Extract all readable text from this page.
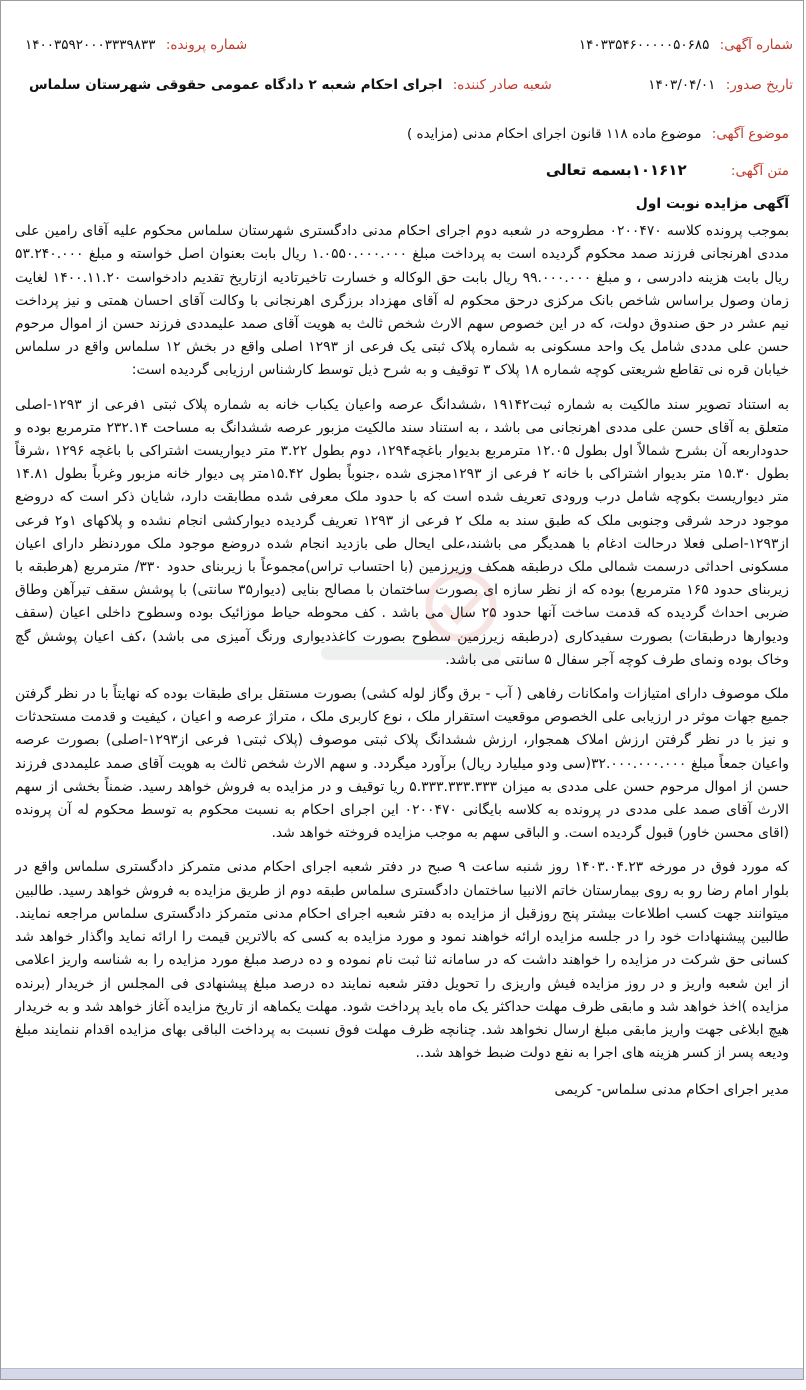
شماره آگهی: ۱۴۰۳۳۵۴۶۰۰۰۰۰۵۰۶۸۵
شماره پرونده: ۱۴۰۰۳۵۹۲۰۰۰۳۳۳۹۸۳۳
تاریخ صدور: ۱۴۰۳/۰۴/۰۱
شعبه صادر کننده: اجرای احکام شعبه ۲ دادگاه عمومی حقوقی شهرستان سلماس
موضوع آگهی: موضوع ماده ۱۱۸ قانون اجرای احکام مدنی (مزایده )
متن آگهی: ۱۰۱۶۱۲بسمه تعالی

آگهی مزایده نوبت اول

بموجب پرونده کلاسه ۰۲۰۰۴۷۰ مطروحه در شعبه دوم اجرای احکام مدنی دادگستری شهرستان سلماس محکوم علیه آقای رامین علی مددی اهرنجانی فرزند صمد محکوم گردیده است به پرداخت مبلغ ۱.۰۵۵۰.۰۰۰.۰۰۰ ریال بابت بعنوان اصل خواسته و مبلغ ۵۳.۲۴۰.۰۰۰ ریال بابت هزینه دادرسی ، و مبلغ ۹۹.۰۰۰.۰۰۰ ریال بابت حق الوکاله و خسارت تاخیرتادیه ازتاریخ تقدیم دادخواست ۱۴۰۰.۱۱.۲۰ لغایت زمان وصول براساس شاخص بانک مرکزی درحق محکوم له آقای مهزداد برزگری اهرنجانی با وکالت آقای احسان همتی و نیز پرداخت نیم عشر در حق صندوق دولت، که در این خصوص سهم الارث شخص ثالث به هویت آقای صمد علیمددی فرزند حسن از اموال مرحوم حسن علی مددی شامل یک واحد مسکونی به شماره پلاک ثبتی یک فرعی از ۱۲۹۳ اصلی واقع در بخش ۱۲ سلماس واقع در سلماس خیابان قره نی تقاطع شریعتی کوچه شماره ۱۸ پلاک ۳ توقیف و به شرح ذیل توسط کارشناس ارزیابی گردیده است:

به استناد تصویر سند مالکیت به شماره ثبت۱۹۱۴۲ ،ششدانگ عرصه واعیان یکباب خانه به شماره پلاک ثبتی ۱فرعی از ۱۲۹۳-اصلی متعلق به آقای حسن علی مددی اهرنجانی می باشد ، به استناد سند مالکیت مزبور عرصه ششدانگ به مساحت ۲۳۲.۱۴ مترمربع بوده و حدوداربعه آن بشرح شمالاً اول بطول ۱۲.۰۵ مترمربع بدیوار باغچه۱۲۹۴، دوم بطول ۳.۲۲ متر دیواریست اشتراکی با باغچه ۱۲۹۶ ،شرقاً بطول ۱۵.۳۰ متر بدیوار اشتراکی با خانه ۲ فرعی از ۱۲۹۳مجزی شده ،جنوباً بطول ۱۵.۴۲متر پی دیوار خانه مزبور وغرباً بطول ۱۴.۸۱ متر دیواریست بکوچه شامل درب ورودی تعریف شده است که با حدود ملک معرفی شده مطابقت دارد، شایان ذکر است که دروضع موجود درحد شرقی وجنوبی ملک که طبق سند به ملک ۲ فرعی از ۱۲۹۳ تعریف گردیده دیوارکشی انجام نشده و پلاکهای ۱و۲ فرعی از۱۲۹۳-اصلی فعلا درحالت ادغام با همدیگر می باشند،علی ایحال طی بازدید انجام شده دروضع موجود ملک موردنظر دارای اعیان مسکونی احداثی درسمت شمالی ملک درطبقه همکف وزیرزمین (با احتساب تراس)مجموعاً با زیربنای حدود ۳۳۰/ مترمربع (هرطبقه با زیربنای حدود ۱۶۵ مترمربع) بوده که از نظر سازه ای بصورت ساختمان با مصالح بنایی (دیوار۳۵ سانتی) با پوشش سقف تیرآهن وطاق ضربی احداث گردیده که قدمت ساخت آنها حدود ۲۵ سال می باشد . کف محوطه حیاط موزائیک بوده وسطوح داخلی اعیان (سقف ودیوارها درطبقات) بصورت سفیدکاری (درطبقه زیرزمین سطوح بصورت کاغذدیواری ورنگ آمیزی می باشد) ،کف اعیان پوشش گچ وخاک بوده ونمای طرف کوچه آجر سفال ۵ سانتی می باشد.

ملک موصوف دارای امتیازات وامکانات رفاهی ( آب - برق وگاز لوله کشی) بصورت مستقل برای طبقات بوده که نهایتاً با در نظر گرفتن جمیع جهات موثر در ارزیابی علی الخصوص موقعیت استقرار ملک ، نوع کاربری ملک ، متراژ عرصه و اعیان ، کیفیت و قدمت مستحدثات و نیز با در نظر گرفتن ارزش املاک همجوار، ارزش ششدانگ پلاک ثبتی موصوف (پلاک ثبتی۱ فرعی از۱۲۹۳-اصلی) بصورت عرصه واعیان جمعاً مبلغ ۳۲.۰۰۰.۰۰۰.۰۰۰(سی ودو میلیارد ریال) برآورد میگردد. و سهم الارث شخص ثالث به هویت آقای صمد علیمددی فرزند حسن از اموال مرحوم حسن علی مددی به میزان ۵.۳۳۳.۳۳۳.۳۳۳ ریا توقیف و در مزایده به فروش خواهد رسید. ضمناً بخشی از سهم الارث آقای صمد علی مددی در پرونده به کلاسه بایگانی ۰۲۰۰۴۷۰ این اجرای احکام به نسبت محکوم به توسط محکوم له آن پرونده (اقای محسن خاور) قبول گردیده است. و الباقی سهم به موجب مزایده فروخته خواهد شد.

که مورد فوق در مورخه ۱۴۰۳.۰۴.۲۳ روز شنبه ساعت ۹ صبح در دفتر شعبه اجرای احکام مدنی متمرکز دادگستری سلماس واقع در بلوار امام رضا رو به روی بیمارستان خاتم الانبیا ساختمان دادگستری سلماس طبقه دوم از طریق مزایده به فروش خواهد رسید. طالبین میتوانند جهت کسب اطلاعات بیشتر پنج روزقبل از مزایده به دفتر شعبه اجرای احکام مدنی متمرکز دادگستری سلماس مراجعه نمایند. طالبین پیشنهادات خود را در جلسه مزایده ارائه خواهند نمود و مورد مزایده به کسی که بالاترین قیمت را ارائه نماید واگذار خواهد شد کسانی حق شرکت در مزایده را خواهند داشت که در سامانه ثنا ثبت نام نموده و ده درصد مبلغ مورد مزایده را به شناسه واریز اعلامی از این شعبه واریز و در روز مزایده فیش واریزی را تحویل دفتر شعبه نمایند ده درصد مبلغ پیشنهادی فی المجلس از خریدار (برنده مزایده )اخذ خواهد شد و مابقی ظرف مهلت حداکثر یک ماه باید پرداخت شود. مهلت یکماهه از تاریخ مزایده آغاز خواهد شد و به خریدار هیچ ابلاغی جهت واریز مابقی مبلغ ارسال نخواهد شد. چنانچه ظرف مهلت فوق نسبت به پرداخت الباقی بهای مزایده اقدام ننمایند مبلغ ودیعه پسر از کسر هزینه های اجرا به نفع دولت ضبط خواهد شد..

مدیر اجرای احکام مدنی سلماس- کریمی
